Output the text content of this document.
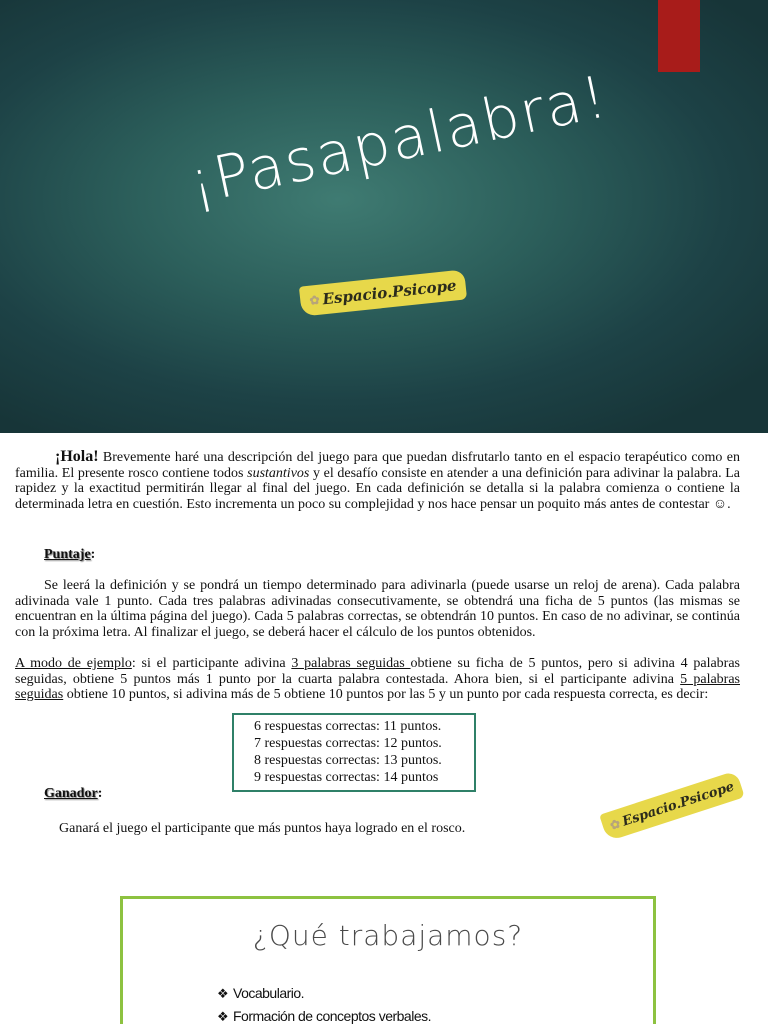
¡Pasapalabra!
✿ Espacio.Psicope

¡Hola! Brevemente haré una descripción del juego para que puedan disfrutarlo tanto en el espacio terapéutico como en familia. El presente rosco contiene todos sustantivos y el desafío consiste en atender a una definición para adivinar la palabra. La rapidez y la exactitud permitirán llegar al final del juego. En cada definición se detalla si la palabra comienza o contiene la determinada letra en cuestión. Esto incrementa un poco su complejidad y nos hace pensar un poquito más antes de contestar ☺.

Puntaje:

Se leerá la definición y se pondrá un tiempo determinado para adivinarla (puede usarse un reloj de arena). Cada palabra adivinada vale 1 punto. Cada tres palabras adivinadas consecutivamente, se obtendrá una ficha de 5 puntos (las mismas se encuentran en la última página del juego). Cada 5 palabras correctas, se obtendrán 10 puntos. En caso de no adivinar, se continúa con la próxima letra. Al finalizar el juego, se deberá hacer el cálculo de los puntos obtenidos.

A modo de ejemplo: si el participante adivina 3 palabras seguidas obtiene su ficha de 5 puntos, pero si adivina 4 palabras seguidas, obtiene 5 puntos más 1 punto por la cuarta palabra contestada. Ahora bien, si el participante adivina 5 palabras seguidas obtiene 10 puntos, si adivina más de 5 obtiene 10 puntos por las 5 y un punto por cada respuesta correcta, es decir:

6 respuestas correctas: 11 puntos.
7 respuestas correctas: 12 puntos.
8 respuestas correctas: 13 puntos.
9 respuestas correctas: 14 puntos
Ganador:

Ganará el juego el participante que más puntos haya logrado en el rosco.	✿
Espacio.Psicope
¿Qué trabajamos?
❖ Vocabulario.
❖ Formación de conceptos verbales.
